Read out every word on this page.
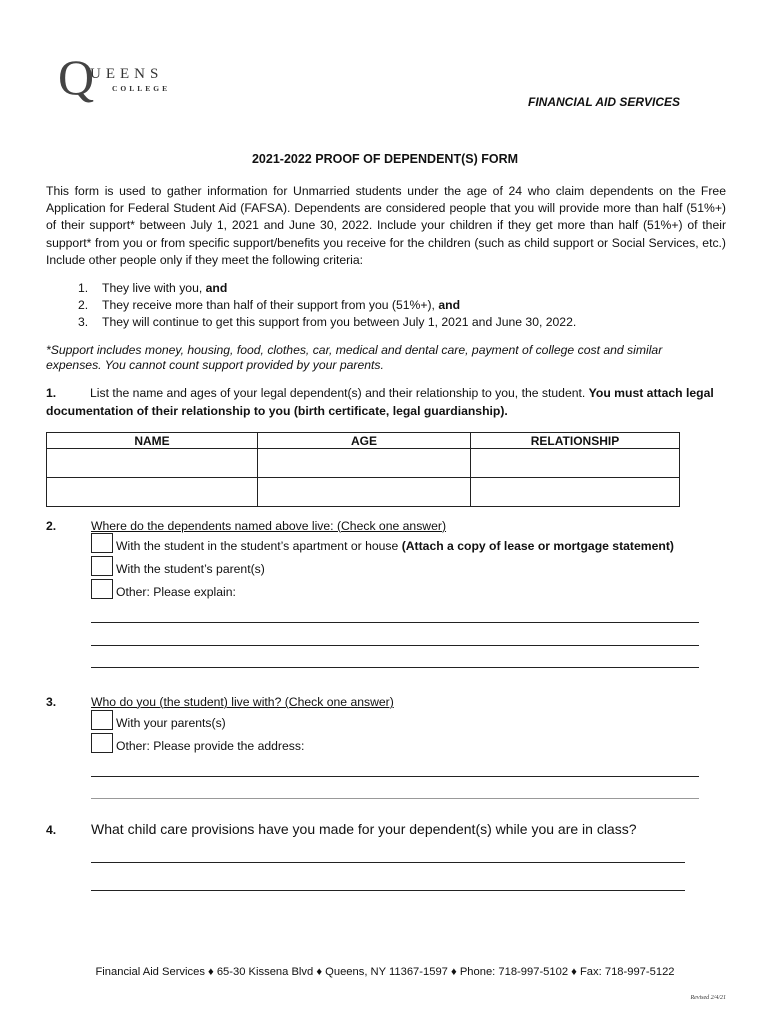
Q
UEENS
COLLEGE
FINANCIAL AID SERVICES
2021-2022 PROOF OF DEPENDENT(S) FORM
This form is used to gather information for Unmarried students under the age of 24 who claim dependents on the Free Application for Federal Student Aid (FAFSA). Dependents are considered people that you will provide more than half (51%+) of their support* between July 1, 2021 and June 30, 2022. Include your children if they get more than half (51%+) of their support* from you or from specific support/benefits you receive for the children (such as child support or Social Services, etc.) Include other people only if they meet the following criteria:
1. They live with you, and
2. They receive more than half of their support from you (51%+), and
3. They will continue to get this support from you between July 1, 2021 and June 30, 2022.
*Support includes money, housing, food, clothes, car, medical and dental care, payment of college cost and similar expenses. You cannot count support provided by your parents.
1.	List the name and ages of your legal dependent(s) and their relationship to you, the student. You must attach legal documentation of their relationship to you (birth certificate, legal guardianship).
NAME	AGE	RELATIONSHIP

2.	Where do the dependents named above live: (Check one answer)
With the student in the student’s apartment or house (Attach a copy of lease or mortgage statement)
With the student’s parent(s)
Other: Please explain:
3.	Who do you (the student) live with? (Check one answer)
With your parents(s)
Other: Please provide the address:
4. What child care provisions have you made for your dependent(s) while you are in class?
Financial Aid Services ♦ 65-30 Kissena Blvd ♦ Queens, NY 11367-1597 ♦ Phone: 718-997-5102 ♦ Fax: 718-997-5122
Revised 2/4/21
